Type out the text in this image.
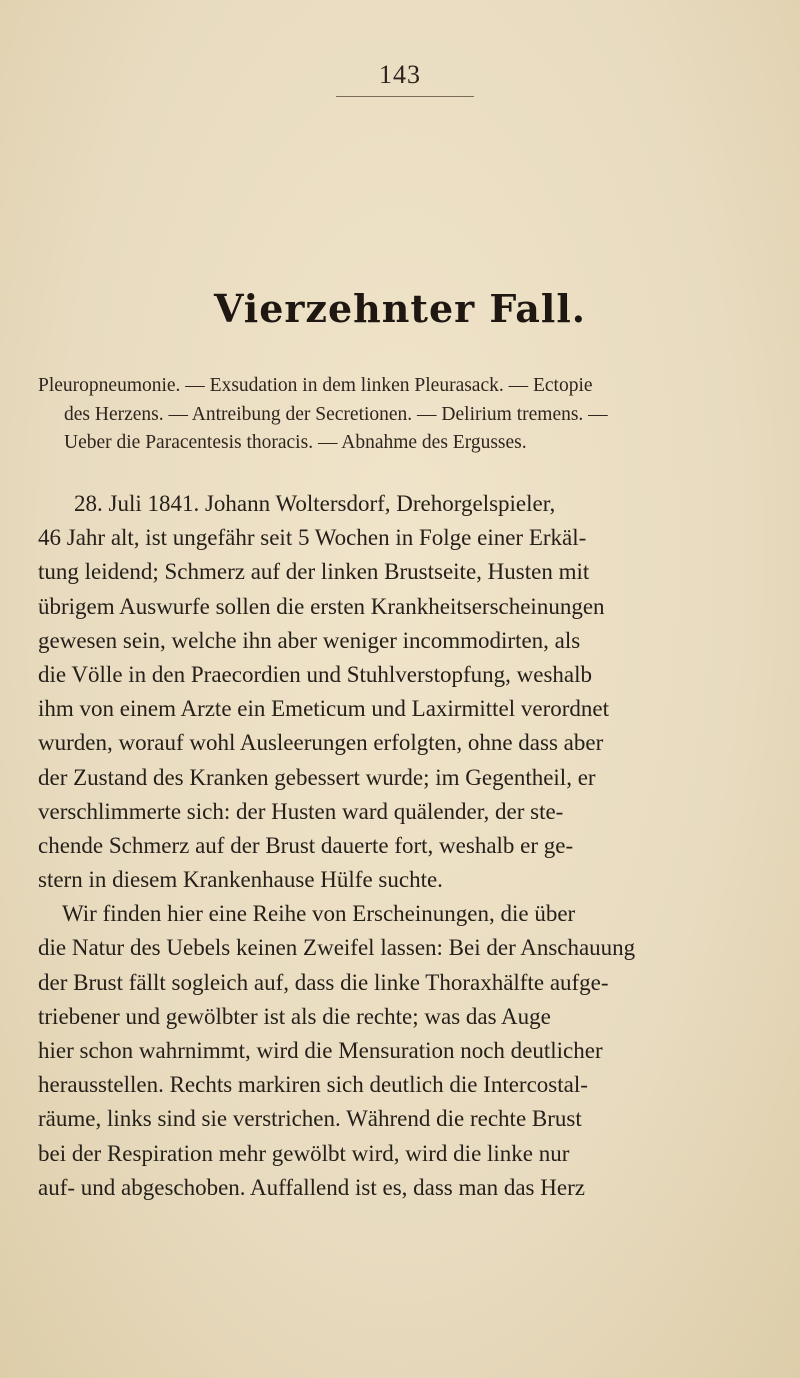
143
Vierzehnter Fall.
Pleuropneumonie. — Exsudation in dem linken Pleurasack. — Ectopie
des Herzens. — Antreibung der Secretionen. — Delirium tremens. —
Ueber die Paracentesis thoracis. — Abnahme des Ergusses.
28. Juli 1841. Johann Woltersdorf, Drehorgelspieler,
46 Jahr alt, ist ungefähr seit 5 Wochen in Folge einer Erkäl-
tung leidend; Schmerz auf der linken Brustseite, Husten mit
übrigem Auswurfe sollen die ersten Krankheitserscheinungen
gewesen sein, welche ihn aber weniger incommodirten, als
die Völle in den Praecordien und Stuhlverstopfung, weshalb
ihm von einem Arzte ein Emeticum und Laxirmittel verordnet
wurden, worauf wohl Ausleerungen erfolgten, ohne dass aber
der Zustand des Kranken gebessert wurde; im Gegentheil, er
verschlimmerte sich: der Husten ward quälender, der ste-
chende Schmerz auf der Brust dauerte fort, weshalb er ge-
stern in diesem Krankenhause Hülfe suchte.
Wir finden hier eine Reihe von Erscheinungen, die über
die Natur des Uebels keinen Zweifel lassen: Bei der Anschauung
der Brust fällt sogleich auf, dass die linke Thoraxhälfte aufge-
triebener und gewölbter ist als die rechte; was das Auge
hier schon wahrnimmt, wird die Mensuration noch deutlicher
herausstellen. Rechts markiren sich deutlich die Intercostal-
räume, links sind sie verstrichen. Während die rechte Brust
bei der Respiration mehr gewölbt wird, wird die linke nur
auf- und abgeschoben. Auffallend ist es, dass man das Herz
